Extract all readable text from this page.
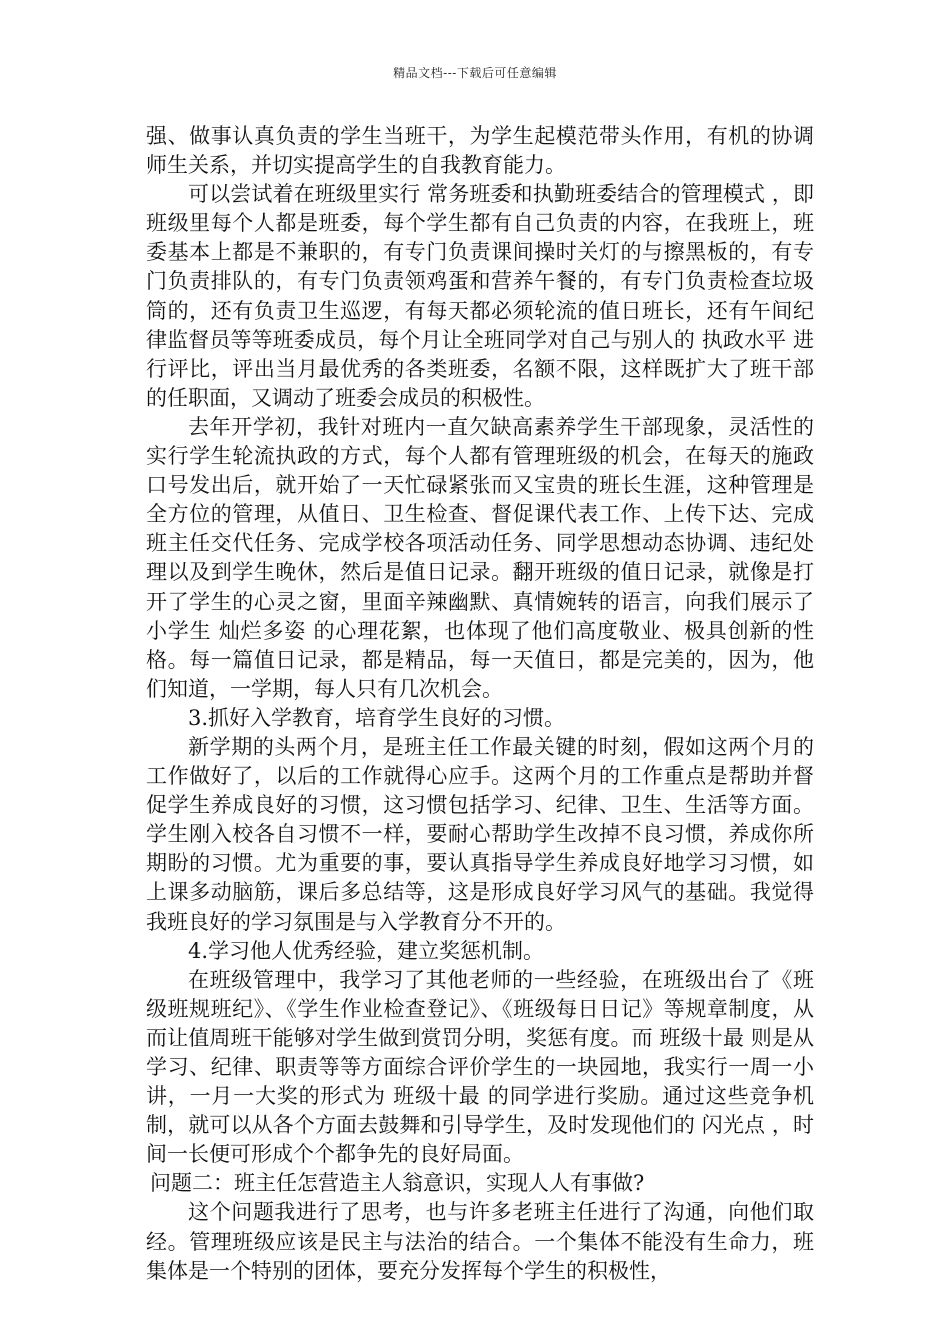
精品文档---下载后可任意编辑

强、做事认真负责的学生当班干，为学生起模范带头作用，有机的协调师生关系，并切实提高学生的自我教育能力。

可以尝试着在班级里实行 常务班委和执勤班委结合的管理模式 ，即班级里每个人都是班委，每个学生都有自己负责的内容，在我班上，班委基本上都是不兼职的，有专门负责课间操时关灯的与擦黑板的，有专门负责排队的，有专门负责领鸡蛋和营养午餐的，有专门负责检查垃圾筒的，还有负责卫生巡逻，有每天都必须轮流的值日班长，还有午间纪律监督员等等班委成员，每个月让全班同学对自己与别人的 执政水平 进行评比，评出当月最优秀的各类班委，名额不限，这样既扩大了班干部的任职面，又调动了班委会成员的积极性。

去年开学初，我针对班内一直欠缺高素养学生干部现象，灵活性的实行学生轮流执政的方式，每个人都有管理班级的机会，在每天的施政口号发出后，就开始了一天忙碌紧张而又宝贵的班长生涯，这种管理是全方位的管理，从值日、卫生检查、督促课代表工作、上传下达、完成班主任交代任务、完成学校各项活动任务、同学思想动态协调、违纪处理以及到学生晚休，然后是值日记录。翻开班级的值日记录，就像是打开了学生的心灵之窗，里面辛辣幽默、真情婉转的语言，向我们展示了小学生 灿烂多姿 的心理花絮，也体现了他们高度敬业、极具创新的性格。每一篇值日记录，都是精品，每一天值日，都是完美的，因为，他们知道，一学期，每人只有几次机会。

3.抓好入学教育，培育学生良好的习惯。

新学期的头两个月，是班主任工作最关键的时刻，假如这两个月的工作做好了，以后的工作就得心应手。这两个月的工作重点是帮助并督促学生养成良好的习惯，这习惯包括学习、纪律、卫生、生活等方面。学生刚入校各自习惯不一样，要耐心帮助学生改掉不良习惯，养成你所期盼的习惯。尤为重要的事，要认真指导学生养成良好地学习习惯，如上课多动脑筋，课后多总结等，这是形成良好学习风气的基础。我觉得我班良好的学习氛围是与入学教育分不开的。

4.学习他人优秀经验，建立奖惩机制。

在班级管理中，我学习了其他老师的一些经验，在班级出台了《班级班规班纪》、《学生作业检查登记》、《班级每日日记》等规章制度，从而让值周班干能够对学生做到赏罚分明，奖惩有度。而 班级十最 则是从学习、纪律、职责等等方面综合评价学生的一块园地，我实行一周一小讲，一月一大奖的形式为 班级十最 的同学进行奖励。通过这些竞争机制，就可以从各个方面去鼓舞和引导学生，及时发现他们的 闪光点 ，时间一长便可形成个个都争先的良好局面。

问题二：班主任怎营造主人翁意识，实现人人有事做?

这个问题我进行了思考，也与许多老班主任进行了沟通，向他们取经。管理班级应该是民主与法治的结合。一个集体不能没有生命力，班集体是一个特别的团体，要充分发挥每个学生的积极性，
